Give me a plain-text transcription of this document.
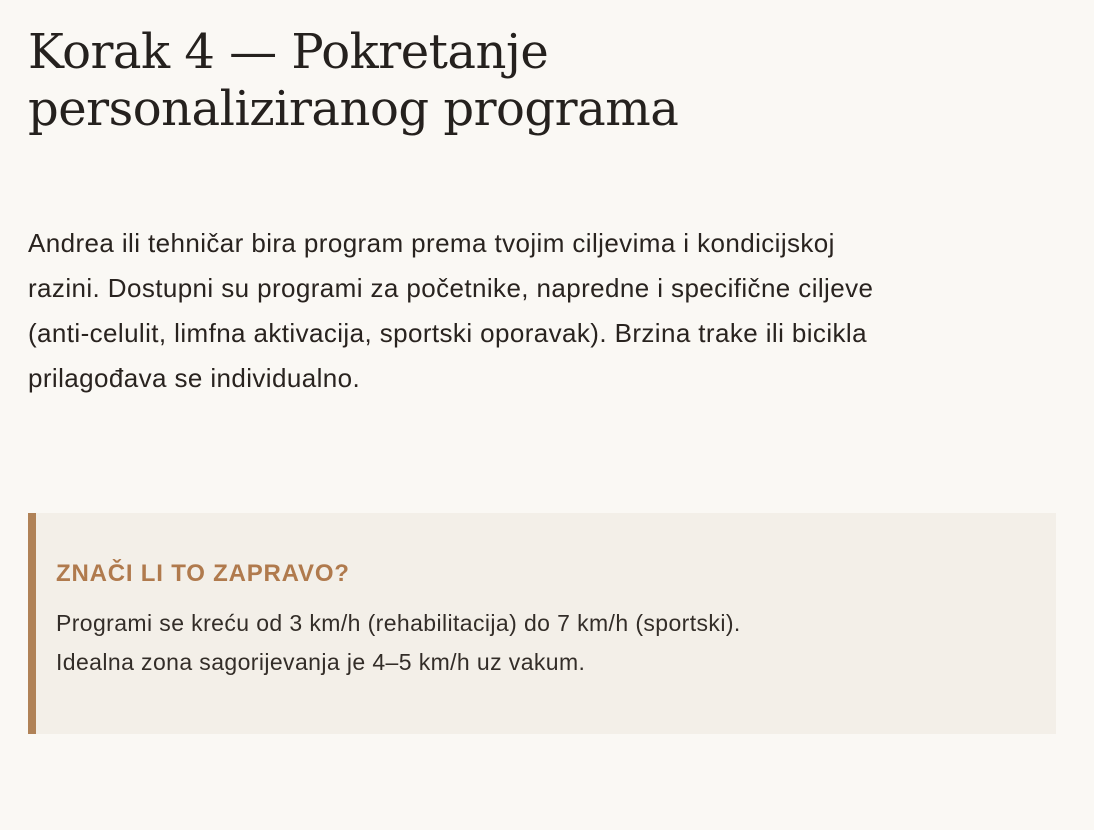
Korak 4 — Pokretanje
personaliziranog programa

Andrea ili tehničar bira program prema tvojim ciljevima i kondicijskoj
razini. Dostupni su programi za početnike, napredne i specifične ciljeve
(anti-celulit, limfna aktivacija, sportski oporavak). Brzina trake ili bicikla
prilagođava se individualno.

ZNAČI LI TO ZAPRAVO?

Programi se kreću od 3 km/h (rehabilitacija) do 7 km/h (sportski).
Idealna zona sagorijevanja je 4–5 km/h uz vakum.
